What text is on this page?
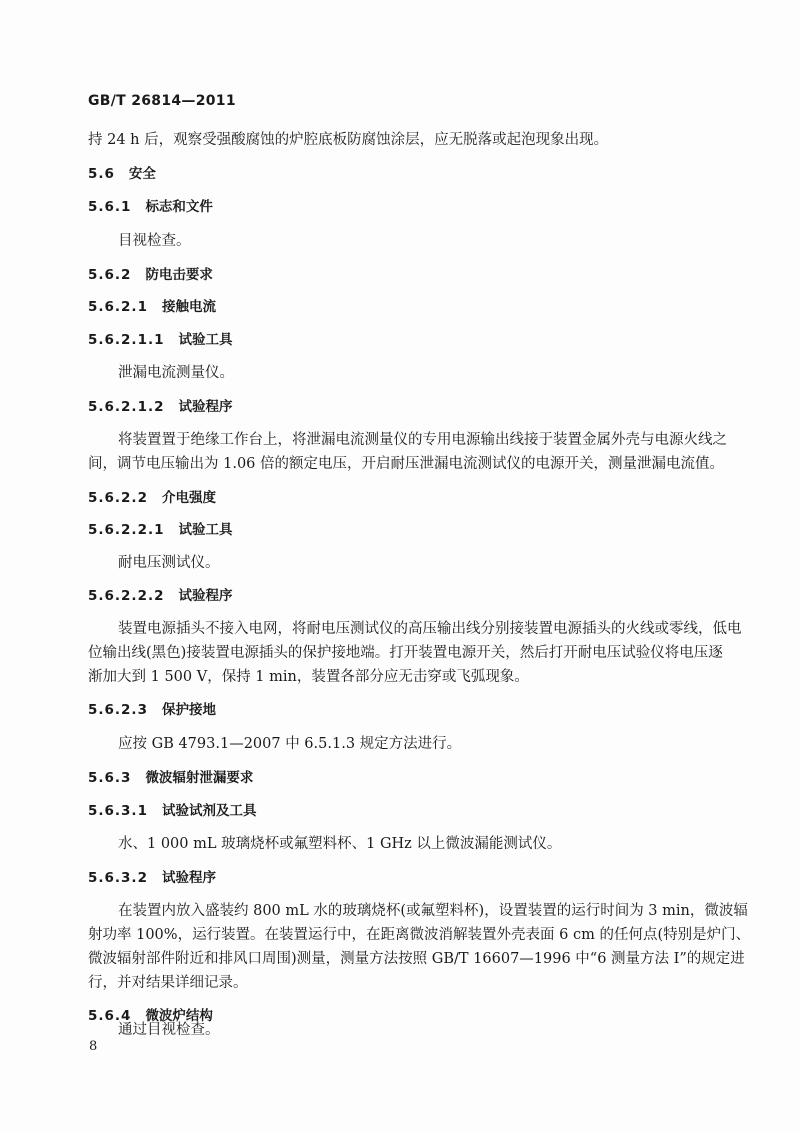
GB/T 26814—2011
持 24 h 后，观察受强酸腐蚀的炉腔底板防腐蚀涂层，应无脱落或起泡现象出现。
5.6 安全
5.6.1 标志和文件
目视检查。
5.6.2 防电击要求
5.6.2.1 接触电流
5.6.2.1.1 试验工具
泄漏电流测量仪。
5.6.2.1.2 试验程序
将装置置于绝缘工作台上，将泄漏电流测量仪的专用电源输出线接于装置金属外壳与电源火线之
间，调节电压输出为 1.06 倍的额定电压，开启耐压泄漏电流测试仪的电源开关，测量泄漏电流值。
5.6.2.2 介电强度
5.6.2.2.1 试验工具
耐电压测试仪。
5.6.2.2.2 试验程序
装置电源插头不接入电网，将耐电压测试仪的高压输出线分别接装置电源插头的火线或零线，低电
位输出线(黑色)接装置电源插头的保护接地端。打开装置电源开关，然后打开耐电压试验仪将电压逐
渐加大到 1 500 V，保持 1 min，装置各部分应无击穿或飞弧现象。
5.6.2.3 保护接地
应按 GB 4793.1—2007 中 6.5.1.3 规定方法进行。
5.6.3 微波辐射泄漏要求
5.6.3.1 试验试剂及工具
水、1 000 mL 玻璃烧杯或氟塑料杯、1 GHz 以上微波漏能测试仪。
5.6.3.2 试验程序
在装置内放入盛装约 800 mL 水的玻璃烧杯(或氟塑料杯)，设置装置的运行时间为 3 min，微波辐
射功率 100%，运行装置。在装置运行中，在距离微波消解装置外壳表面 6 cm 的任何点(特别是炉门、
微波辐射部件附近和排风口周围)测量，测量方法按照 GB/T 16607—1996 中“6 测量方法 Ⅰ”的规定进
行，并对结果详细记录。
5.6.4 微波炉结构
通过目视检查。
8
